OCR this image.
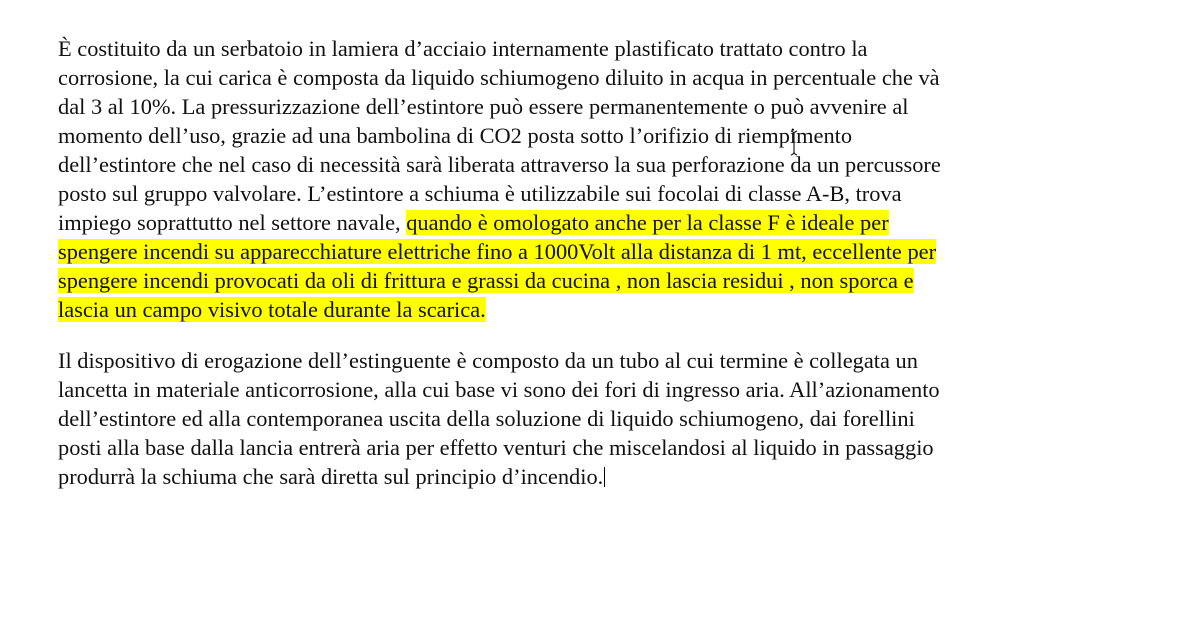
È costituito da un serbatoio in lamiera d’acciaio internamente plastificato trattato contro la
corrosione, la cui carica è composta da liquido schiumogeno diluito in acqua in percentuale che và
dal 3 al 10%. La pressurizzazione dell’estintore può essere permanentemente o può avvenire al
momento dell’uso, grazie ad una bambolina di CO2 posta sotto l’orifizio di riempimento
dell’estintore che nel caso di necessità sarà liberata attraverso la sua perforazione da un percussore
posto sul gruppo valvolare. L’estintore a schiuma è utilizzabile sui focolai di classe A-B, trova
impiego soprattutto nel settore navale, quando è omologato anche per la classe F è ideale per
spengere incendi su apparecchiature elettriche fino a 1000Volt alla distanza di 1 mt, eccellente per
spengere incendi provocati da oli di frittura e grassi da cucina , non lascia residui , non sporca e
lascia un campo visivo totale durante la scarica.
Il dispositivo di erogazione dell’estinguente è composto da un tubo al cui termine è collegata un
lancetta in materiale anticorrosione, alla cui base vi sono dei fori di ingresso aria. All’azionamento
dell’estintore ed alla contemporanea uscita della soluzione di liquido schiumogeno, dai forellini
posti alla base dalla lancia entrerà aria per effetto venturi che miscelandosi al liquido in passaggio
produrrà la schiuma che sarà diretta sul principio d’incendio.
